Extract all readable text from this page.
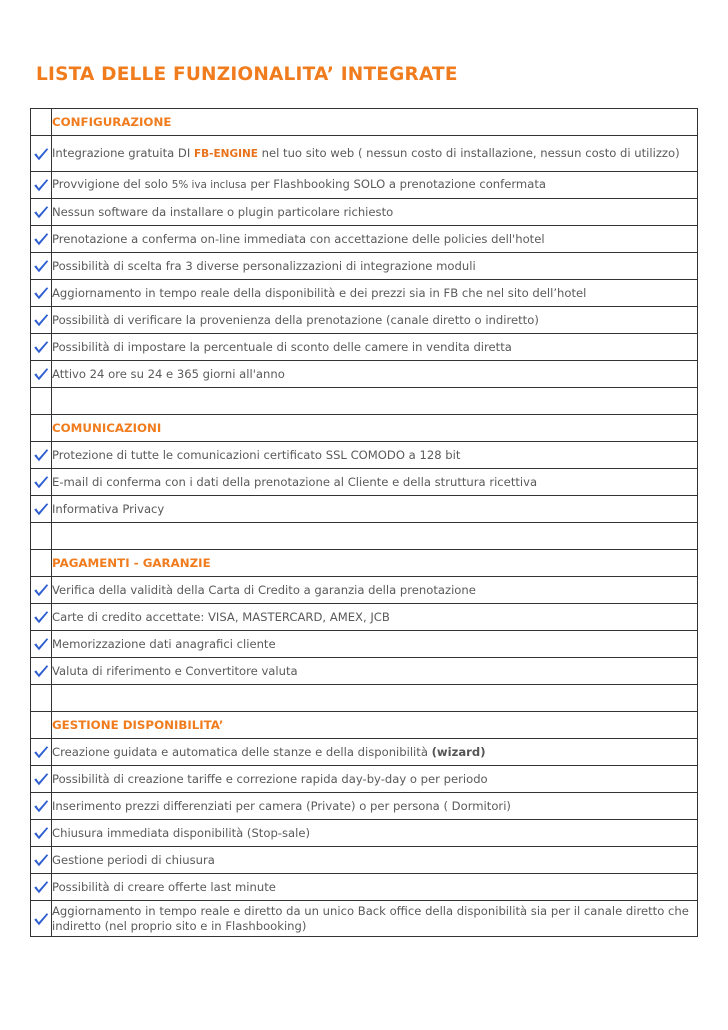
LISTA DELLE FUNZIONALITA’ INTEGRATE
	CONFIGURAZIONE

	Integrazione gratuita DI FB-ENGINE nel tuo sito web ( nessun costo di installazione, nessun costo di utilizzo)

	Provvigione del solo 5% iva inclusa per Flashbooking SOLO a prenotazione confermata

	Nessun software da installare o plugin particolare richiesto

	Prenotazione a conferma on-line immediata con accettazione delle policies dell'hotel

	Possibilità di scelta fra 3 diverse personalizzazioni di integrazione moduli

	Aggiornamento in tempo reale della disponibilità e dei prezzi sia in FB che nel sito dell’hotel

	Possibilità di verificare la provenienza della prenotazione (canale diretto o indiretto)

	Possibilità di impostare la percentuale di sconto delle camere in vendita diretta

	Attivo 24 ore su 24 e 365 giorni all'anno

	COMUNICAZIONI

	Protezione di tutte le comunicazioni certificato SSL COMODO a 128 bit

	E-mail di conferma con i dati della prenotazione al Cliente e della struttura ricettiva

	Informativa Privacy

	PAGAMENTI - GARANZIE

	Verifica della validità della Carta di Credito a garanzia della prenotazione

	Carte di credito accettate: VISA, MASTERCARD, AMEX, JCB

	Memorizzazione dati anagrafici cliente

	Valuta di riferimento e Convertitore valuta

	GESTIONE DISPONIBILITA’

	Creazione guidata e automatica delle stanze e della disponibilità (wizard)

	Possibilità di creazione tariffe e correzione rapida day-by-day o per periodo

	Inserimento prezzi differenziati per camera (Private) o per persona ( Dormitori)

	Chiusura immediata disponibilità (Stop-sale)

	Gestione periodi di chiusura

	Possibilità di creare offerte last minute

	Aggiornamento in tempo reale e diretto da un unico Back office della disponibilità sia per il canale diretto che indiretto (nel proprio sito e in Flashbooking)
